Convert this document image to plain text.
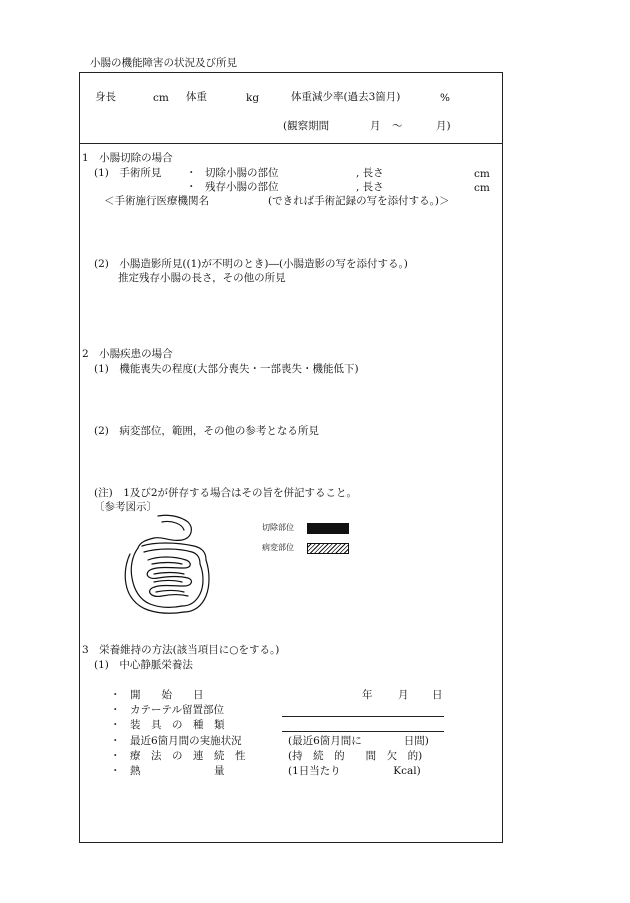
小腸の機能障害の状況及び所見
身長	cm 体重	kg	体重減少率(過去3箇月)	%
(観察期間	月 ～	月)
1　小腸切除の場合
(1)　手術所見 ・ 切除小腸の部位	, 長さ	cm
・ 残存小腸の部位	, 長さ	cm
＜手術施行医療機関名	(できれば手術記録の写を添付する。)＞
(2)　小腸造影所見((1)が不明のとき)―(小腸造影の写を添付する。)
推定残存小腸の長さ，その他の所見
2　小腸疾患の場合
(1)　機能喪失の程度(大部分喪失・一部喪失・機能低下)
(2)　病変部位，範囲，その他の参考となる所見
(注)　1及び2が併存する場合はその旨を併記すること。
〔参考図示〕
切除部位
病変部位
3　栄養維持の方法(該当項目に○をする。)
(1)　中心静脈栄養法
・ 開　　始　　日	年 月 日
・ カテーテル留置部位
・ 装　具　の　種　類
・ 最近6箇月間の実施状況	(最近6箇月間に　　　　日間)
・ 療　法　の　連　続　性	(持　続　的　　間　欠　的)
・ 熱　　　　　　　量	(1日当たり　　　　　Kcal)
